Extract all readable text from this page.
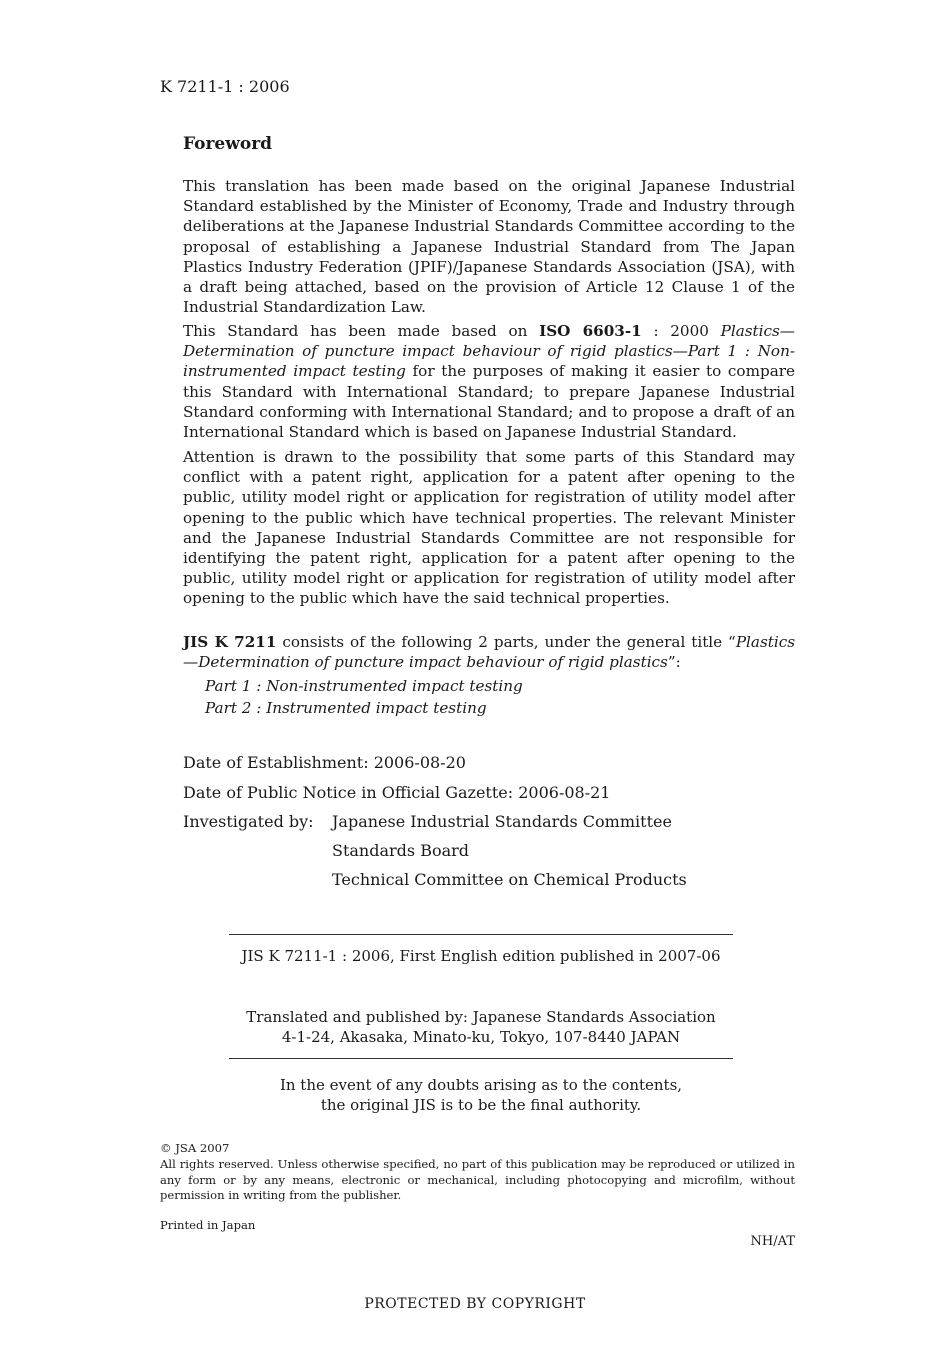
K 7211-1 : 2006
Foreword
This translation has been made based on the original Japanese Industrial Standard established by the Minister of Economy, Trade and Industry through deliberations at the Japanese Industrial Standards Committee according to the proposal of establishing a Japanese Industrial Standard from The Japan Plastics Industry Federation (JPIF)/Japanese Standards Association (JSA), with a draft being attached, based on the provision of Article 12 Clause 1 of the Industrial Standardization Law.
This Standard has been made based on ISO 6603-1 : 2000 Plastics—Determination of puncture impact behaviour of rigid plastics—Part 1 : Non-instrumented impact testing for the purposes of making it easier to compare this Standard with International Standard; to prepare Japanese Industrial Standard conforming with International Standard; and to propose a draft of an International Standard which is based on Japanese Industrial Standard.
Attention is drawn to the possibility that some parts of this Standard may conflict with a patent right, application for a patent after opening to the public, utility model right or application for registration of utility model after opening to the public which have technical properties. The relevant Minister and the Japanese Industrial Standards Committee are not responsible for identifying the patent right, application for a patent after opening to the public, utility model right or application for registration of utility model after opening to the public which have the said technical properties.
JIS K 7211 consists of the following 2 parts, under the general title “Plastics—Determination of puncture impact behaviour of rigid plastics”:
Part 1 : Non-instrumented impact testing
Part 2 : Instrumented impact testing
Date of Establishment: 2006-08-20
Date of Public Notice in Official Gazette: 2006-08-21
Investigated by: Japanese Industrial Standards Committee
Standards Board
Technical Committee on Chemical Products
JIS K 7211-1 : 2006, First English edition published in 2007-06
Translated and published by: Japanese Standards Association
4-1-24, Akasaka, Minato-ku, Tokyo, 107-8440 JAPAN
In the event of any doubts arising as to the contents,
the original JIS is to be the final authority.
© JSA 2007
All rights reserved. Unless otherwise specified, no part of this publication may be reproduced or utilized in any form or by any means, electronic or mechanical, including photocopying and microfilm, without permission in writing from the publisher.
Printed in Japan
NH/AT
PROTECTED BY COPYRIGHT
